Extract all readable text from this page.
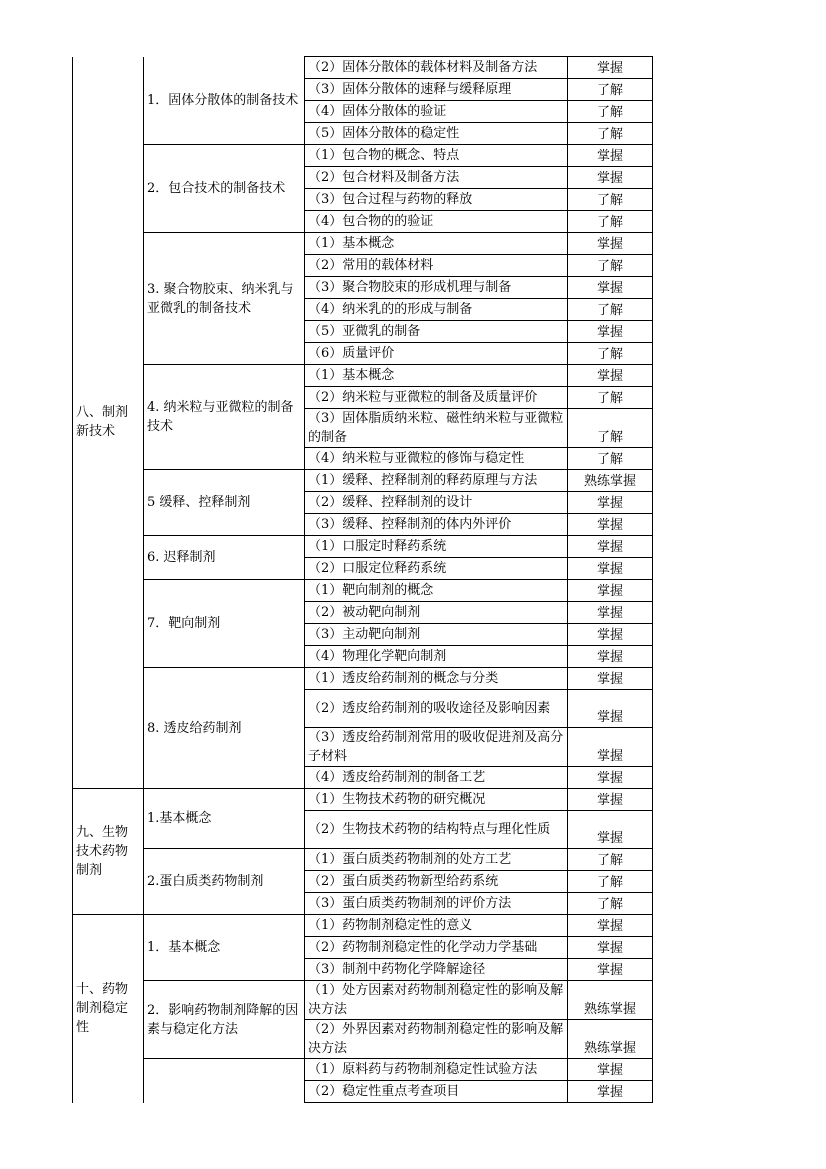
八、制剂新技术	1．固体分散体的制备技术	（2）固体分散体的载体材料及制备方法	掌握
		（3）固体分散体的速释与缓释原理	了解
		（4）固体分散体的验证	了解
		（5）固体分散体的稳定性	了解
	2．包合技术的制备技术	（1）包合物的概念、特点	掌握
		（2）包合材料及制备方法	掌握
		（3）包合过程与药物的释放	了解
		（4）包合物的的验证	了解
	3. 聚合物胶束、纳米乳与亚微乳的制备技术	（1）基本概念	掌握
		（2）常用的载体材料	了解
		（3）聚合物胶束的形成机理与制备	掌握
		（4）纳米乳的的形成与制备	了解
		（5）亚微乳的制备	掌握
		（6）质量评价	了解
	4. 纳米粒与亚微粒的制备技术	（1）基本概念	掌握
		（2）纳米粒与亚微粒的制备及质量评价	了解
		（3）固体脂质纳米粒、磁性纳米粒与亚微粒的制备	了解
		（4）纳米粒与亚微粒的修饰与稳定性	了解
	5 缓释、控释制剂	（1）缓释、控释制剂的释药原理与方法	熟练掌握
		（2）缓释、控释制剂的设计	掌握
		（3）缓释、控释制剂的体内外评价	掌握
	6. 迟释制剂	（1）口服定时释药系统	掌握
		（2）口服定位释药系统	掌握
	7．靶向制剂	（1）靶向制剂的概念	掌握
		（2）被动靶向制剂	掌握
		（3）主动靶向制剂	掌握
		（4）物理化学靶向制剂	掌握
	8. 透皮给药制剂	（1）透皮给药制剂的概念与分类	掌握
		（2）透皮给药制剂的吸收途径及影响因素	掌握
		（3）透皮给药制剂常用的吸收促进剂及高分子材料	掌握
		（4）透皮给药制剂的制备工艺	掌握
九、生物技术药物制剂	1.基本概念	（1）生物技术药物的研究概况	掌握
		（2）生物技术药物的结构特点与理化性质	掌握
	2.蛋白质类药物制剂	（1）蛋白质类药物制剂的处方工艺	了解
		（2）蛋白质类药物新型给药系统	了解
		（3）蛋白质类药物制剂的评价方法	了解
十、药物制剂稳定性	1．基本概念	（1）药物制剂稳定性的意义	掌握
		（2）药物制剂稳定性的化学动力学基础	掌握
		（3）制剂中药物化学降解途径	掌握
	2．影响药物制剂降解的因素与稳定化方法	（1）处方因素对药物制剂稳定性的影响及解决方法	熟练掌握
		（2）外界因素对药物制剂稳定性的影响及解决方法	熟练掌握
		（1）原料药与药物制剂稳定性试验方法	掌握
		（2）稳定性重点考查项目	掌握
